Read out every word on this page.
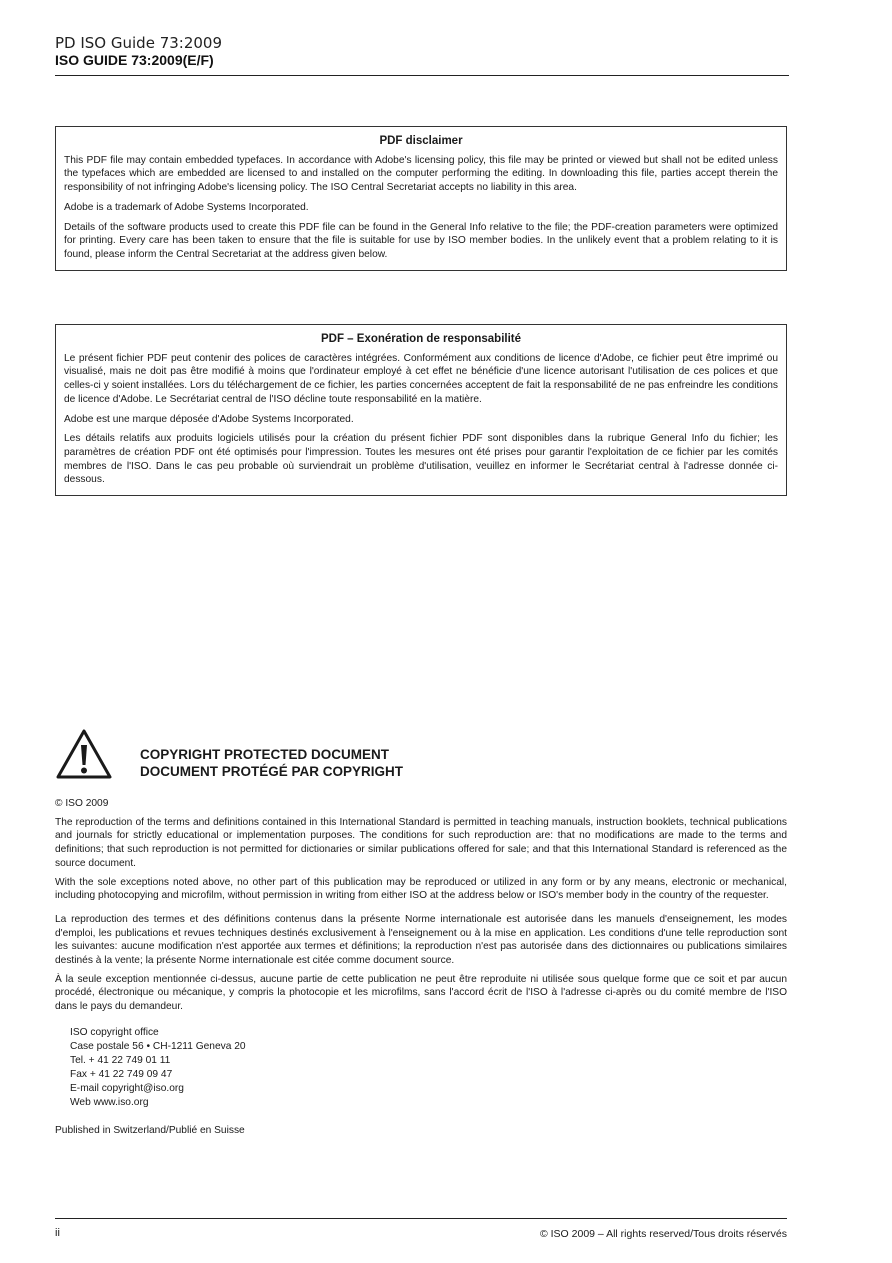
PD ISO Guide 73:2009
ISO GUIDE 73:2009(E/F)
PDF disclaimer

This PDF file may contain embedded typefaces. In accordance with Adobe's licensing policy, this file may be printed or viewed but shall not be edited unless the typefaces which are embedded are licensed to and installed on the computer performing the editing. In downloading this file, parties accept therein the responsibility of not infringing Adobe's licensing policy. The ISO Central Secretariat accepts no liability in this area.

Adobe is a trademark of Adobe Systems Incorporated.

Details of the software products used to create this PDF file can be found in the General Info relative to the file; the PDF-creation parameters were optimized for printing. Every care has been taken to ensure that the file is suitable for use by ISO member bodies. In the unlikely event that a problem relating to it is found, please inform the Central Secretariat at the address given below.

PDF – Exonération de responsabilité

Le présent fichier PDF peut contenir des polices de caractères intégrées. Conformément aux conditions de licence d'Adobe, ce fichier peut être imprimé ou visualisé, mais ne doit pas être modifié à moins que l'ordinateur employé à cet effet ne bénéficie d'une licence autorisant l'utilisation de ces polices et que celles-ci y soient installées. Lors du téléchargement de ce fichier, les parties concernées acceptent de fait la responsabilité de ne pas enfreindre les conditions de licence d'Adobe. Le Secrétariat central de l'ISO décline toute responsabilité en la matière.

Adobe est une marque déposée d'Adobe Systems Incorporated.

Les détails relatifs aux produits logiciels utilisés pour la création du présent fichier PDF sont disponibles dans la rubrique General Info du fichier; les paramètres de création PDF ont été optimisés pour l'impression. Toutes les mesures ont été prises pour garantir l'exploitation de ce fichier par les comités membres de l'ISO. Dans le cas peu probable où surviendrait un problème d'utilisation, veuillez en informer le Secrétariat central à l'adresse donnée ci-dessous.

COPYRIGHT PROTECTED DOCUMENT
DOCUMENT PROTÉGÉ PAR COPYRIGHT

© ISO 2009

The reproduction of the terms and definitions contained in this International Standard is permitted in teaching manuals, instruction booklets, technical publications and journals for strictly educational or implementation purposes. The conditions for such reproduction are: that no modifications are made to the terms and definitions; that such reproduction is not permitted for dictionaries or similar publications offered for sale; and that this International Standard is referenced as the source document.

With the sole exceptions noted above, no other part of this publication may be reproduced or utilized in any form or by any means, electronic or mechanical, including photocopying and microfilm, without permission in writing from either ISO at the address below or ISO's member body in the country of the requester.

La reproduction des termes et des définitions contenus dans la présente Norme internationale est autorisée dans les manuels d'enseignement, les modes d'emploi, les publications et revues techniques destinés exclusivement à l'enseignement ou à la mise en application. Les conditions d'une telle reproduction sont les suivantes: aucune modification n'est apportée aux termes et définitions; la reproduction n'est pas autorisée dans des dictionnaires ou publications similaires destinés à la vente; la présente Norme internationale est citée comme document source.

À la seule exception mentionnée ci-dessus, aucune partie de cette publication ne peut être reproduite ni utilisée sous quelque forme que ce soit et par aucun procédé, électronique ou mécanique, y compris la photocopie et les microfilms, sans l'accord écrit de l'ISO à l'adresse ci-après ou du comité membre de l'ISO dans le pays du demandeur.

ISO copyright office
Case postale 56 • CH-1211 Geneva 20
Tel. + 41 22 749 01 11
Fax + 41 22 749 09 47
E-mail copyright@iso.org
Web www.iso.org
Published in Switzerland/Publié en Suisse
ii	© ISO 2009 – All rights reserved/Tous droits réservés
